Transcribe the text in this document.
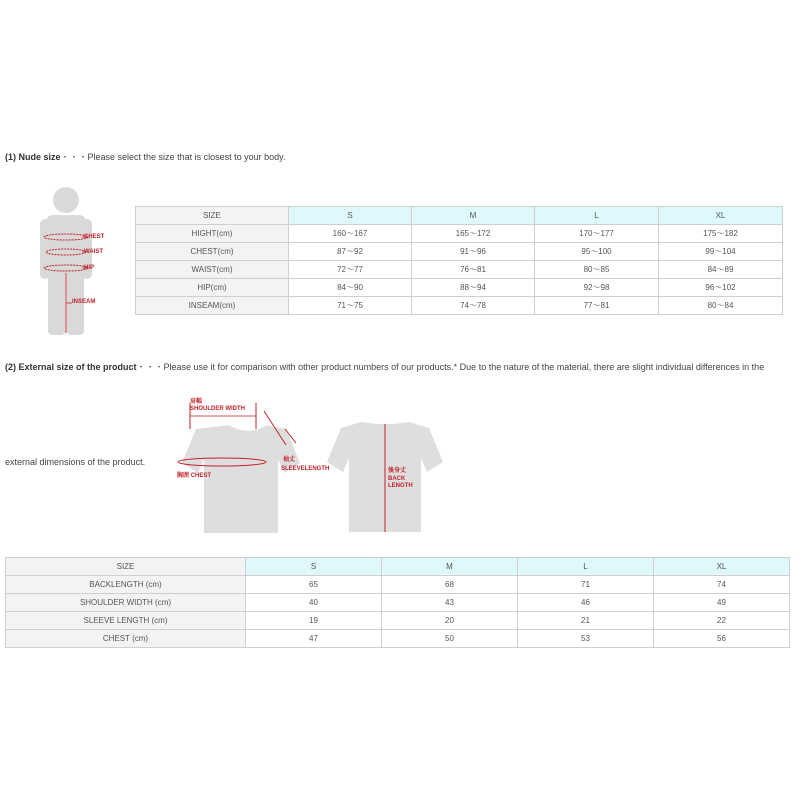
(1) Nude size・・・Please select the size that is closest to your body.
CHEST
WAIST
HIP
INSEAM
SIZE	S	M	L	XL
HIGHT(cm)	160～167	165～172	170～177	175～182
CHEST(cm)	87～92	91～96	95～100	99～104
WAIST(cm)	72～77	76～81	80～85	84～89
HIP(cm)	84～90	88～94	92～98	96～102
INSEAM(cm)	71～75	74～78	77～81	80～84
(2) External size of the product・・・Please use it for comparison with other product numbers of our products.* Due to the nature of the material, there are slight individual differences in the
external dimensions of the product.
肩幅
SHOULDER WIDTH
袖丈
SLEEVELENGTH
胸囲 CHEST
後身丈
BACK
LENGTH
SIZE	S	M	L	XL
BACKLENGTH (cm)	65	68	71	74
SHOULDER WIDTH (cm)	40	43	46	49
SLEEVE LENGTH (cm)	19	20	21	22
CHEST (cm)	47	50	53	56
